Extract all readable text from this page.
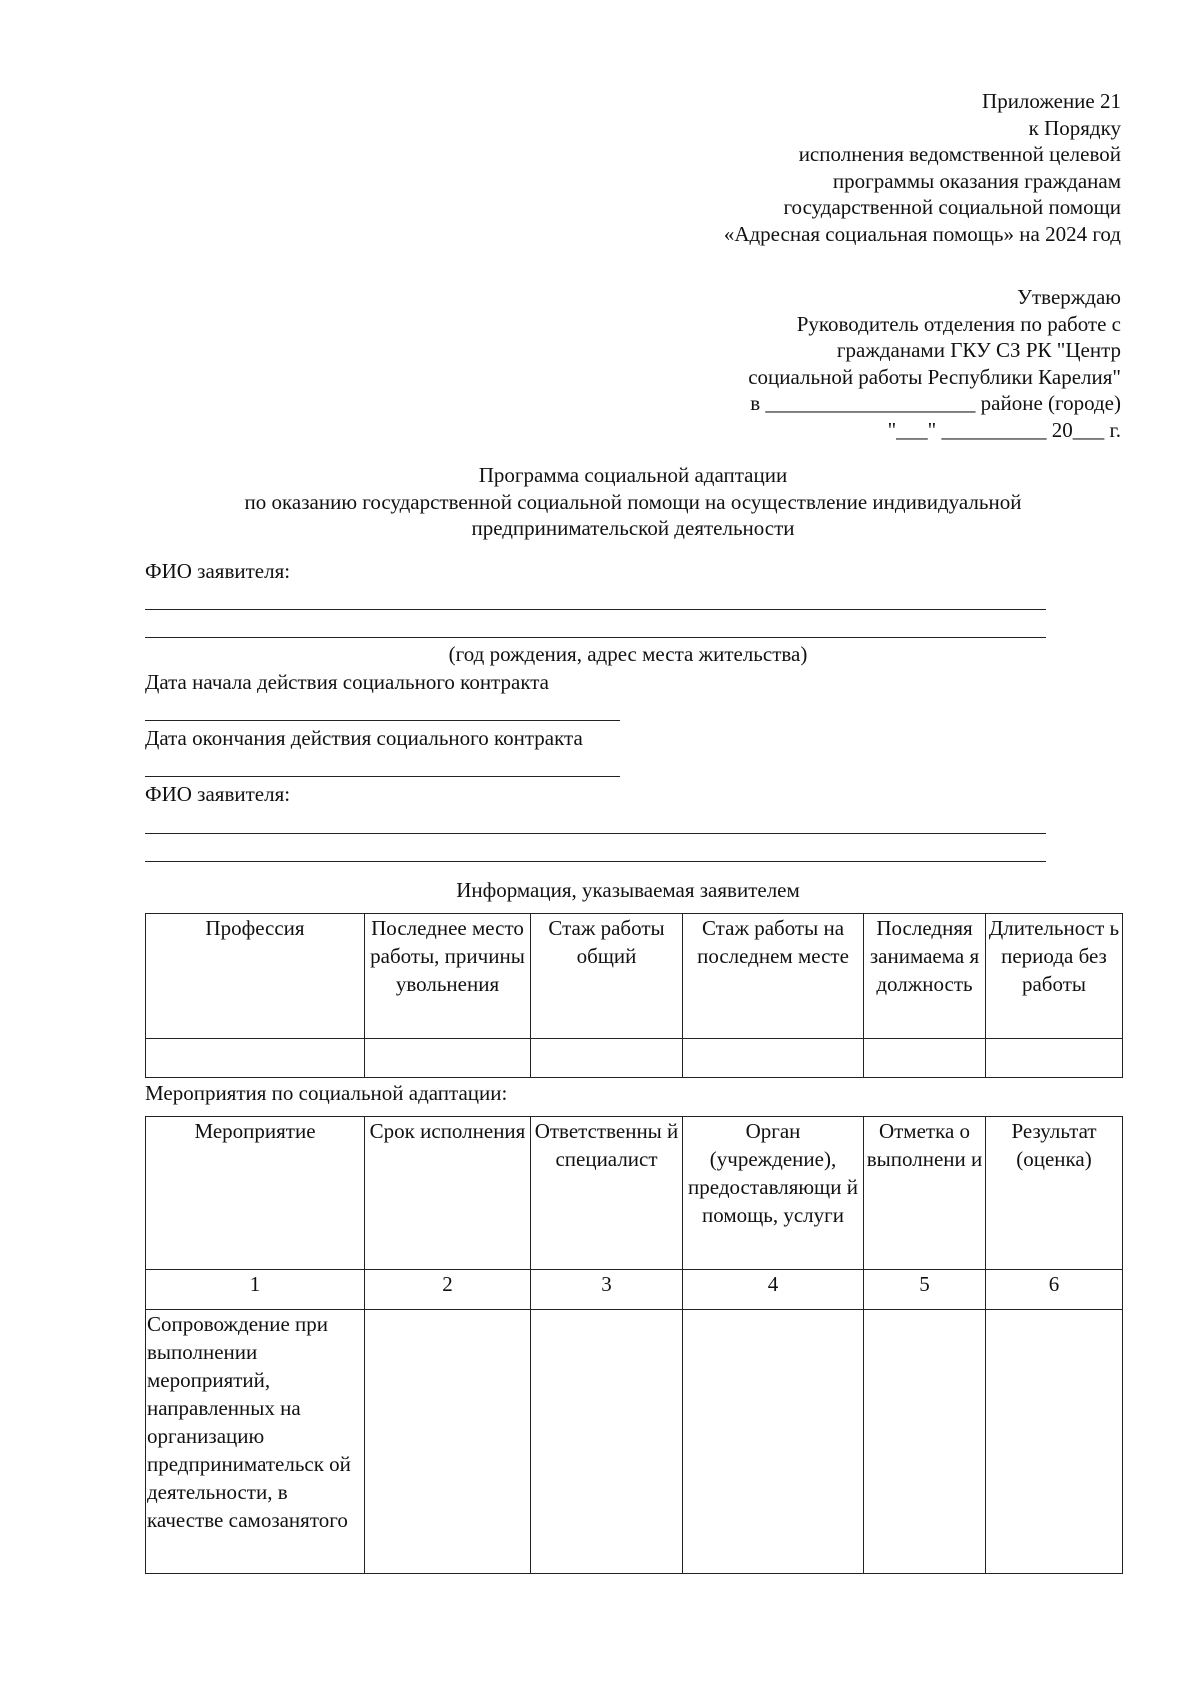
Приложение 21
к Порядку
исполнения ведомственной целевой
программы оказания гражданам
государственной социальной помощи
«Адресная социальная помощь» на 2024 год
Утверждаю
Руководитель отделения по работе с
гражданами ГКУ СЗ РК "Центр
социальной работы Республики Карелия"
в ____________________ районе (городе)
"___" __________ 20___ г.
Программа социальной адаптации
по оказанию государственной социальной помощи на осуществление индивидуальной
предпринимательской деятельности
ФИО заявителя:
(год рождения, адрес места жительства)
Дата начала действия социального контракта
Дата окончания действия социального контракта
ФИО заявителя:
Информация, указываемая заявителем
Профессия	Последнее место работы, причины увольнения	Стаж работы общий	Стаж работы на последнем месте	Последняя занимаема я должность	Длительност ь периода без работы

Мероприятия по социальной адаптации:
Мероприятие	Срок исполнения	Ответственны й специалист	Орган (учреждение), предоставляющи й помощь, услуги	Отметка о выполнени и	Результат (оценка)
1	2	3	4	5	6
Сопровождение при выполнении мероприятий, направленных на организацию предпринимательск ой деятельности, в качестве самозанятого					
